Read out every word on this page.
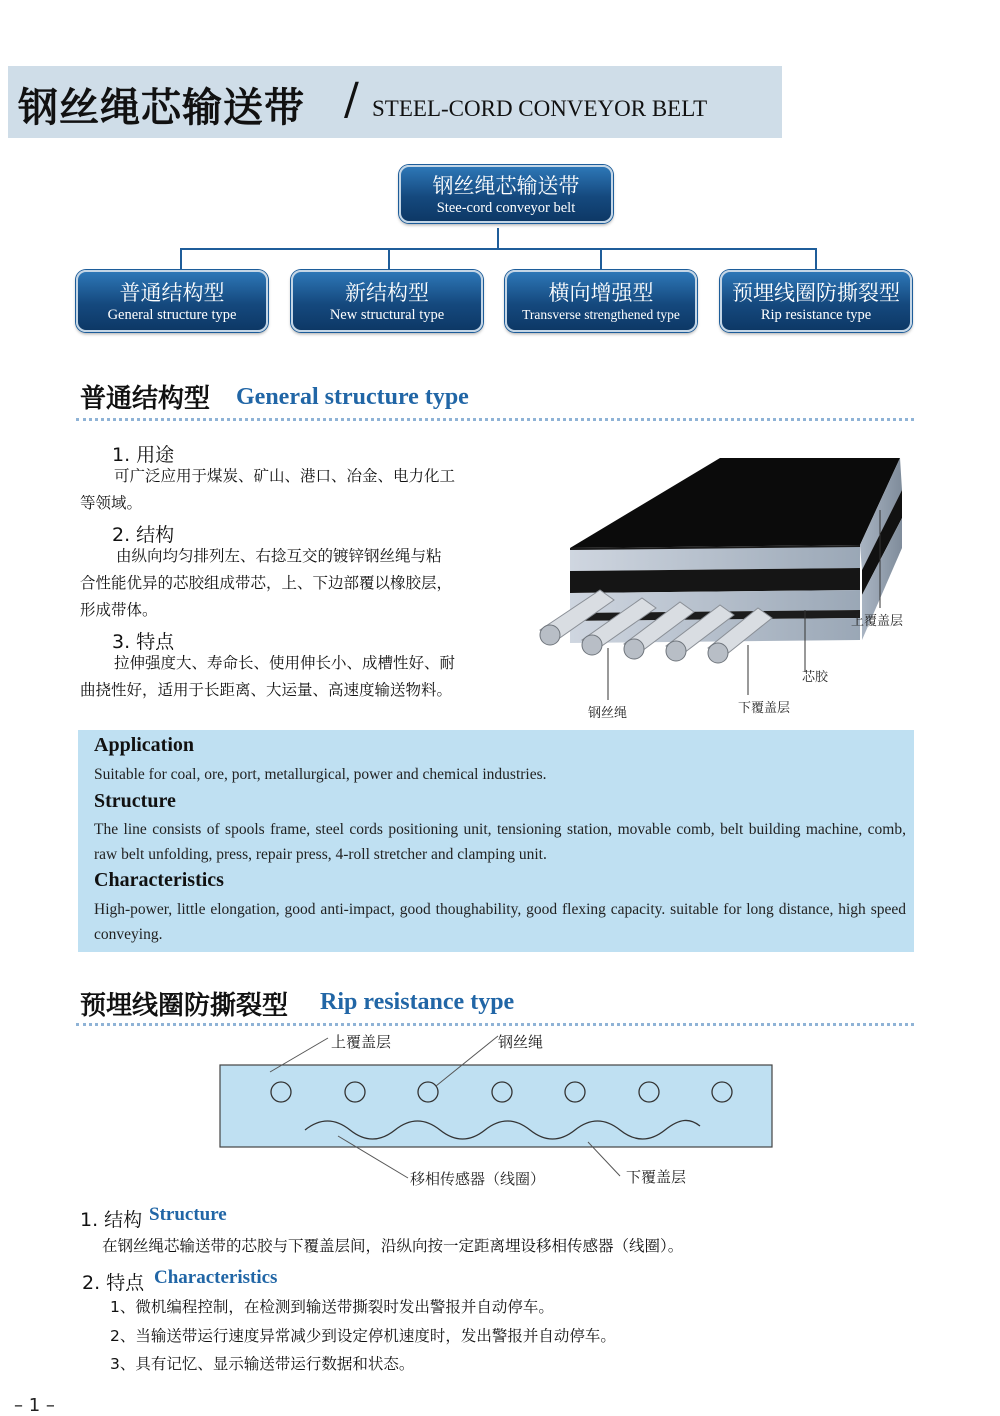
钢丝绳芯输送带 / STEEL-CORD CONVEYOR BELT
钢丝绳芯输送带
Stee-cord conveyor belt
普通结构型
General structure type
新结构型
New structural type
横向增强型
Transverse strengthened type
预埋线圈防撕裂型
Rip resistance type
普通结构型 General structure type
1. 用途
可广泛应用于煤炭、矿山、港口、冶金、电力化工
等领域。
2. 结构
由纵向均匀排列左、右捻互交的镀锌钢丝绳与粘
合性能优异的芯胶组成带芯，上、下边部覆以橡胶层，
形成带体。
3. 特点
拉伸强度大、寿命长、使用伸长小、成槽性好、耐
曲挠性好，适用于长距离、大运量、高速度输送物料。
上覆盖层
芯胶
下覆盖层
钢丝绳
Application
Suitable for coal, ore, port, metallurgical, power and chemical industries.
Structure
The line consists of spools frame, steel cords positioning unit, tensioning station, movable comb, belt building machine, comb, raw belt unfolding, press, repair press, 4-roll stretcher and clamping unit.
Characteristics
High-power, little elongation, good anti-impact, good thoughability, good flexing capacity. suitable for long distance, high speed conveying.
预埋线圈防撕裂型 Rip resistance type
上覆盖层	钢丝绳
移相传感器（线圈）	下覆盖层
1. 结构 Structure
在钢丝绳芯输送带的芯胶与下覆盖层间，沿纵向按一定距离埋设移相传感器（线圈）。
2. 特点 Characteristics
1、微机编程控制，在检测到输送带撕裂时发出警报并自动停车。
2、当输送带运行速度异常减少到设定停机速度时，发出警报并自动停车。
3、具有记忆、显示输送带运行数据和状态。
– 1 –
